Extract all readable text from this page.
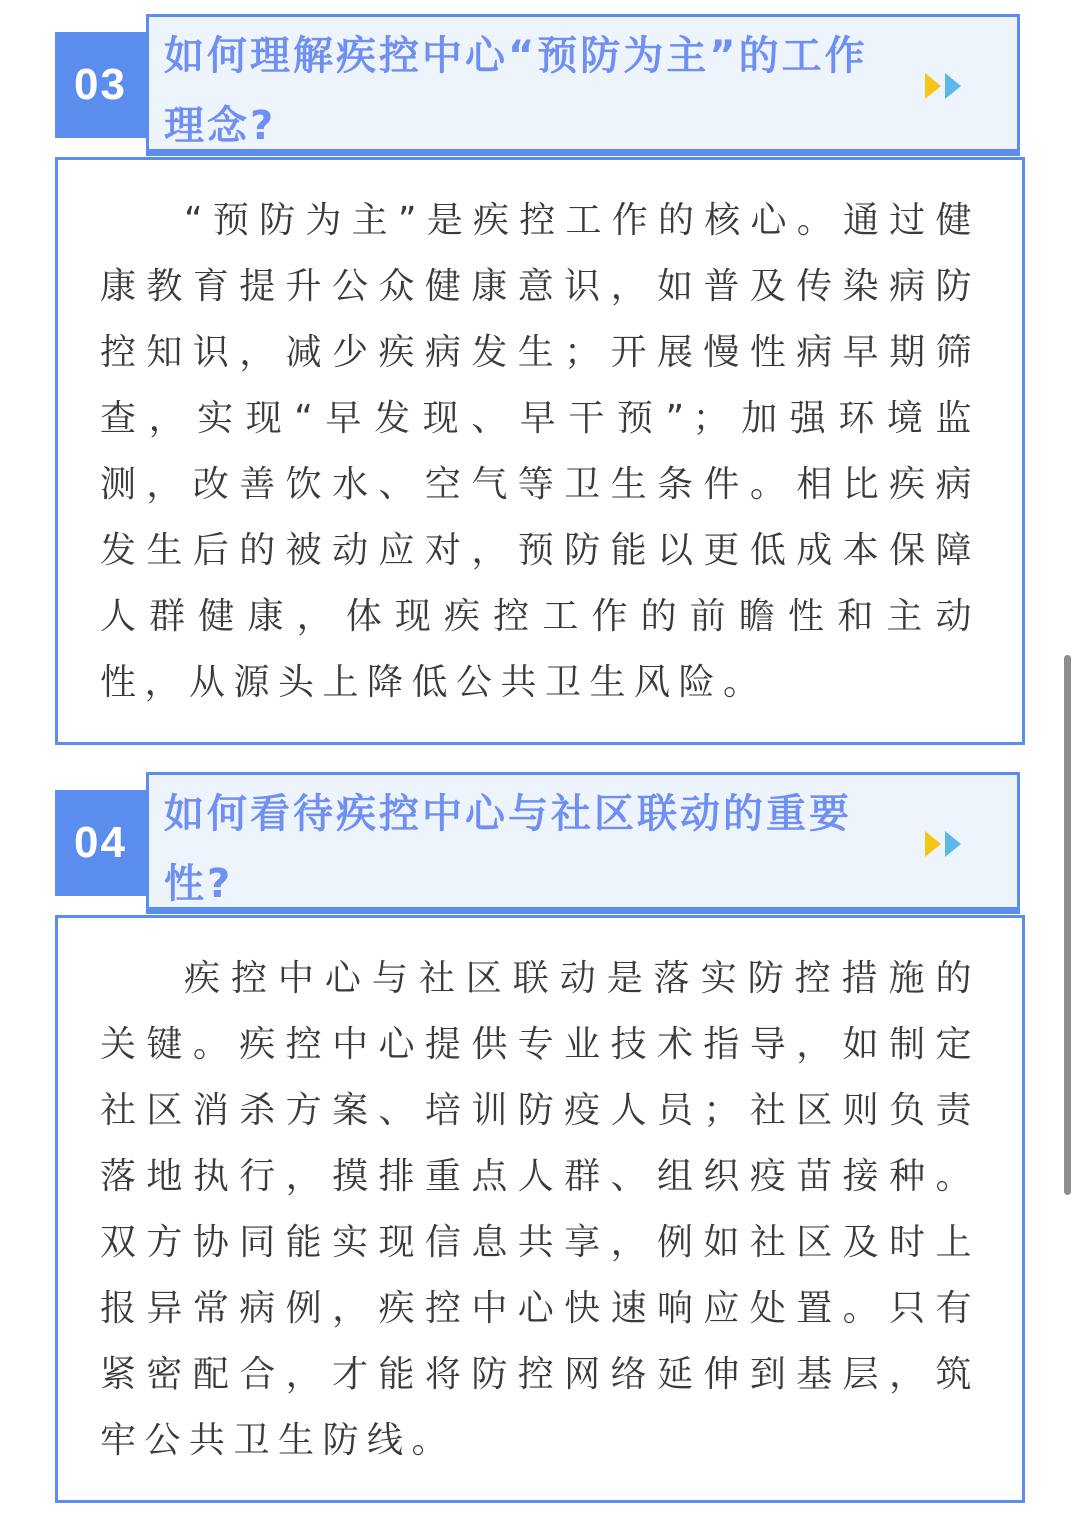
如何理解疾控中心“预防为主”的工作理念?
03

“预防为主”是疾控工作的核心。通过健康教育提升公众健康意识，如普及传染病防控知识，减少疾病发生；开展慢性病早期筛查，实现“早发现、早干预”；加强环境监测，改善饮水、空气等卫生条件。相比疾病发生后的被动应对，预防能以更低成本保障人群健康，体现疾控工作的前瞻性和主动性，从源头上降低公共卫生风险。

如何看待疾控中心与社区联动的重要性?
04

疾控中心与社区联动是落实防控措施的关键。疾控中心提供专业技术指导，如制定社区消杀方案、培训防疫人员；社区则负责落地执行，摸排重点人群、组织疫苗接种。双方协同能实现信息共享，例如社区及时上报异常病例，疾控中心快速响应处置。只有紧密配合，才能将防控网络延伸到基层，筑牢公共卫生防线。
